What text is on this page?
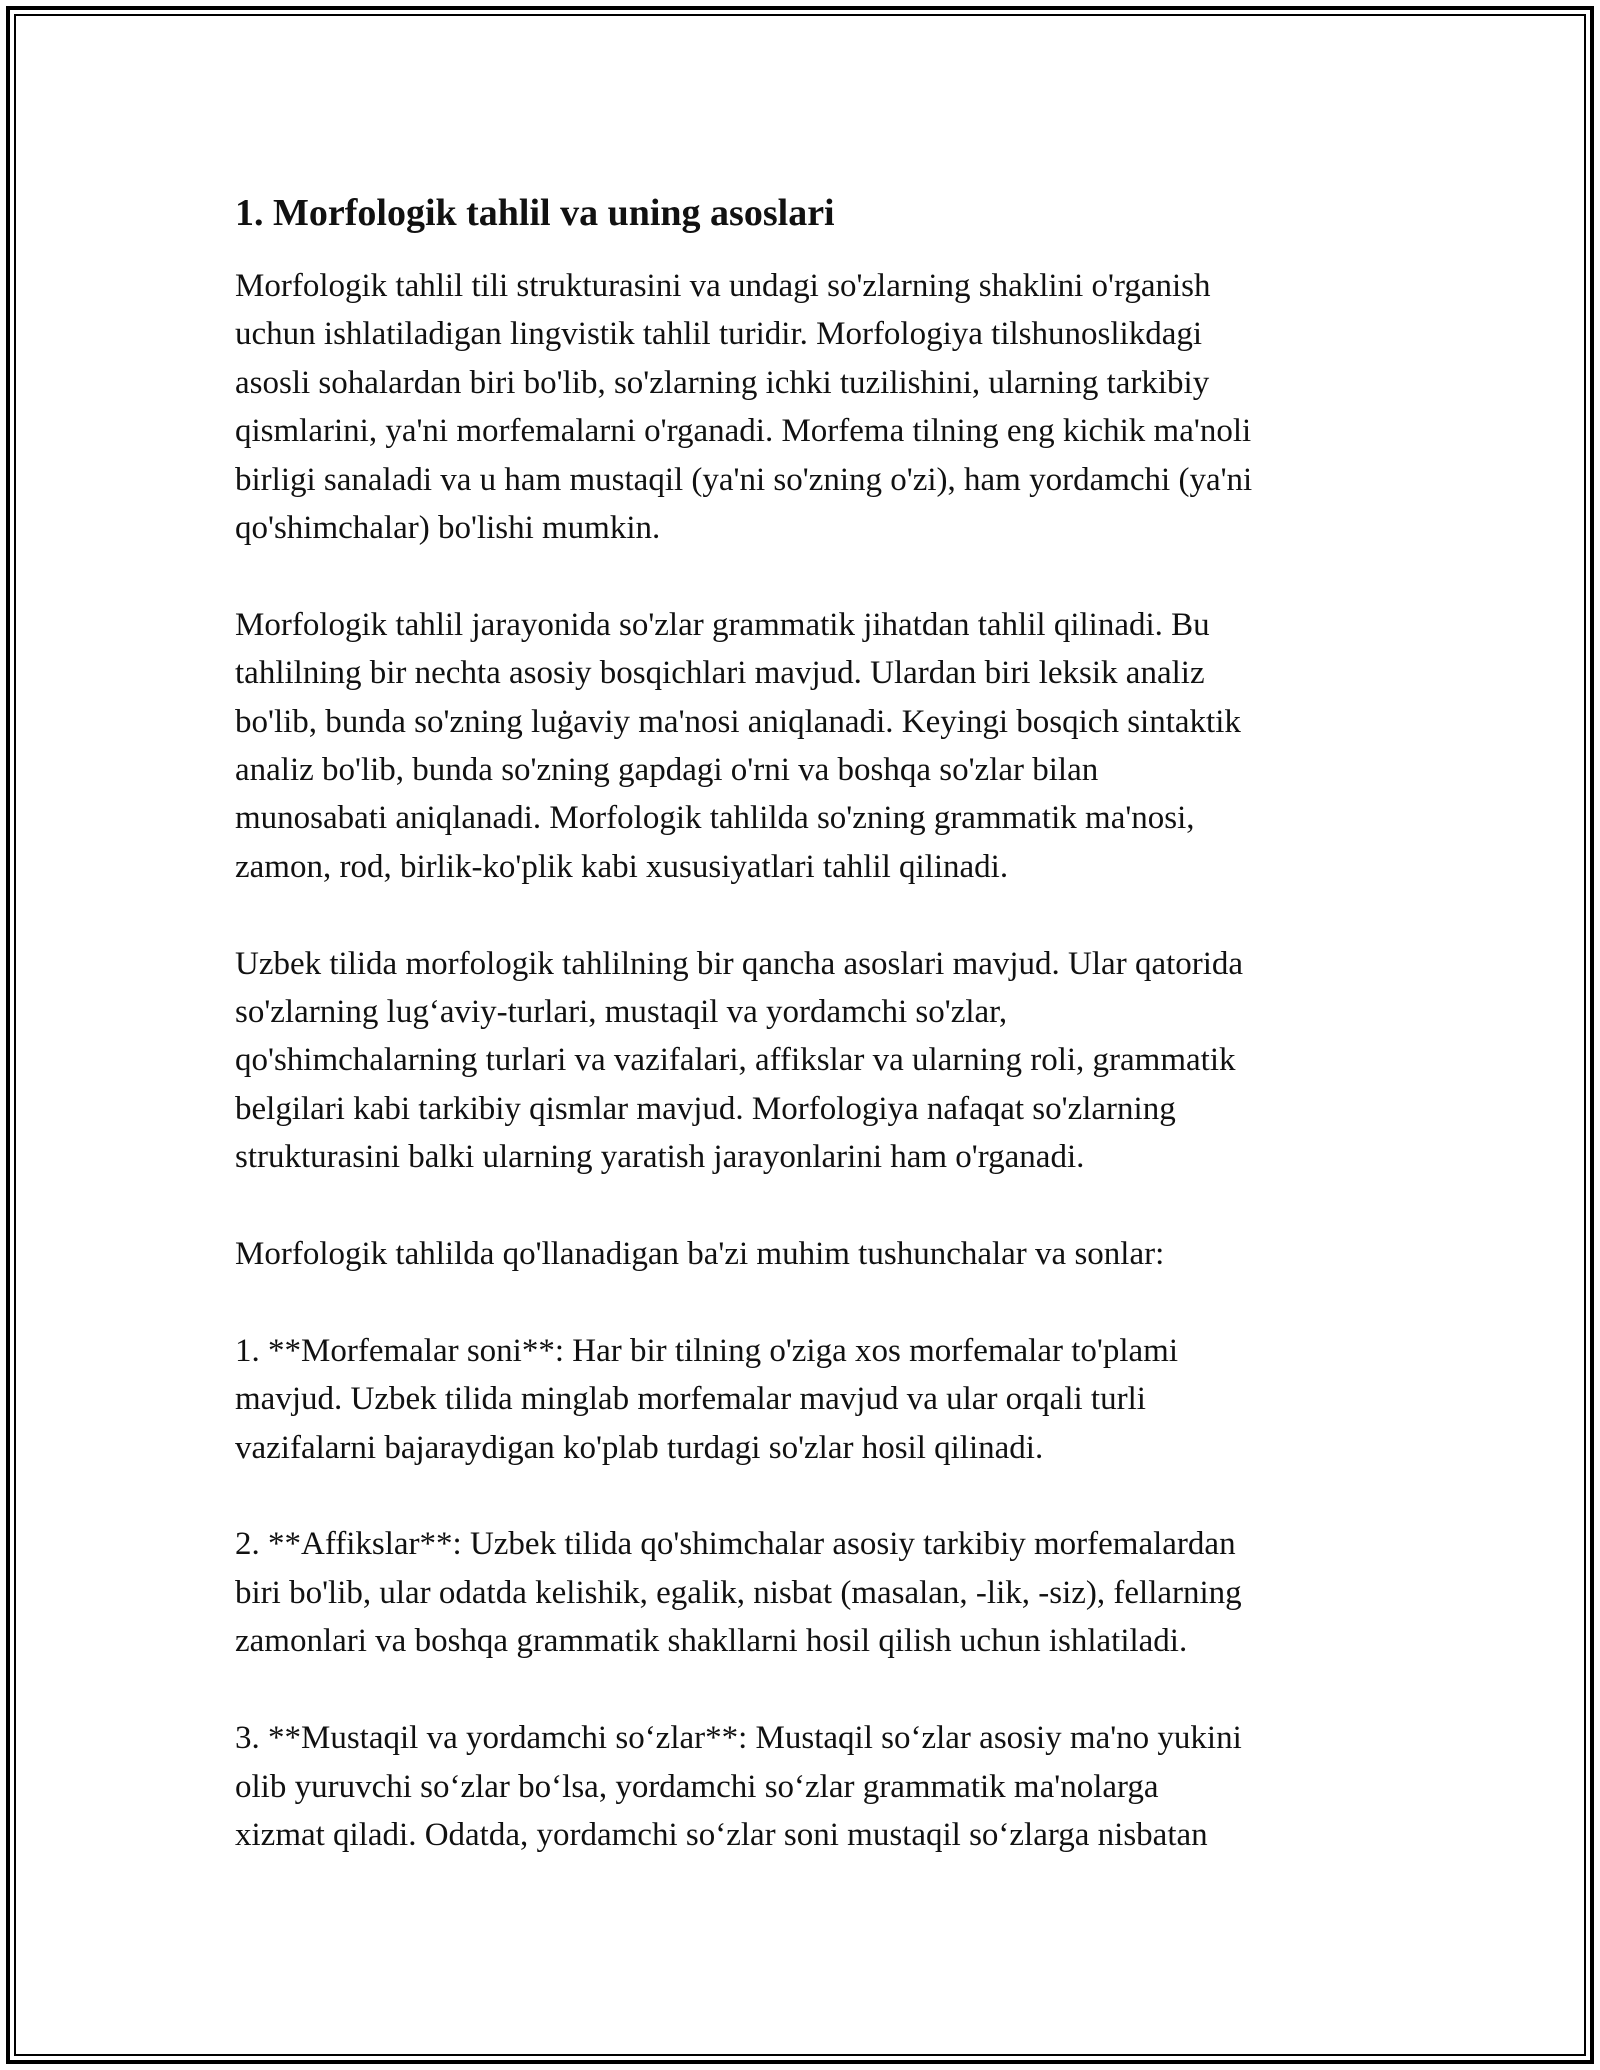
1. Morfologik tahlil va uning asoslari

Morfologik tahlil tili strukturasini va undagi so'zlarning shaklini o'rganish
uchun ishlatiladigan lingvistik tahlil turidir. Morfologiya tilshunoslikdagi
asosli sohalardan biri bo'lib, so'zlarning ichki tuzilishini, ularning tarkibiy
qismlarini, ya'ni morfemalarni o'rganadi. Morfema tilning eng kichik ma'noli
birligi sanaladi va u ham mustaqil (ya'ni so'zning o'zi), ham yordamchi (ya'ni
qo'shimchalar) bo'lishi mumkin.

Morfologik tahlil jarayonida so'zlar grammatik jihatdan tahlil qilinadi. Bu
tahlilning bir nechta asosiy bosqichlari mavjud. Ulardan biri leksik analiz
bo'lib, bunda so'zning luġaviy ma'nosi aniqlanadi. Keyingi bosqich sintaktik
analiz bo'lib, bunda so'zning gapdagi o'rni va boshqa so'zlar bilan
munosabati aniqlanadi. Morfologik tahlilda so'zning grammatik ma'nosi,
zamon, rod, birlik-ko'plik kabi xususiyatlari tahlil qilinadi.

Uzbek tilida morfologik tahlilning bir qancha asoslari mavjud. Ular qatorida
so'zlarning lug‘aviy-turlari, mustaqil va yordamchi so'zlar,
qo'shimchalarning turlari va vazifalari, affikslar va ularning roli, grammatik
belgilari kabi tarkibiy qismlar mavjud. Morfologiya nafaqat so'zlarning
strukturasini balki ularning yaratish jarayonlarini ham o'rganadi.

Morfologik tahlilda qo'llanadigan ba'zi muhim tushunchalar va sonlar:

1. **Morfemalar soni**: Har bir tilning o'ziga xos morfemalar to'plami
mavjud. Uzbek tilida minglab morfemalar mavjud va ular orqali turli
vazifalarni bajaraydigan ko'plab turdagi so'zlar hosil qilinadi.

2. **Affikslar**: Uzbek tilida qo'shimchalar asosiy tarkibiy morfemalardan
biri bo'lib, ular odatda kelishik, egalik, nisbat (masalan, -lik, -siz), fellarning
zamonlari va boshqa grammatik shakllarni hosil qilish uchun ishlatiladi.

3. **Mustaqil va yordamchi so‘zlar**: Mustaqil so‘zlar asosiy ma'no yukini
olib yuruvchi so‘zlar bo‘lsa, yordamchi so‘zlar grammatik ma'nolarga
xizmat qiladi. Odatda, yordamchi so‘zlar soni mustaqil so‘zlarga nisbatan
